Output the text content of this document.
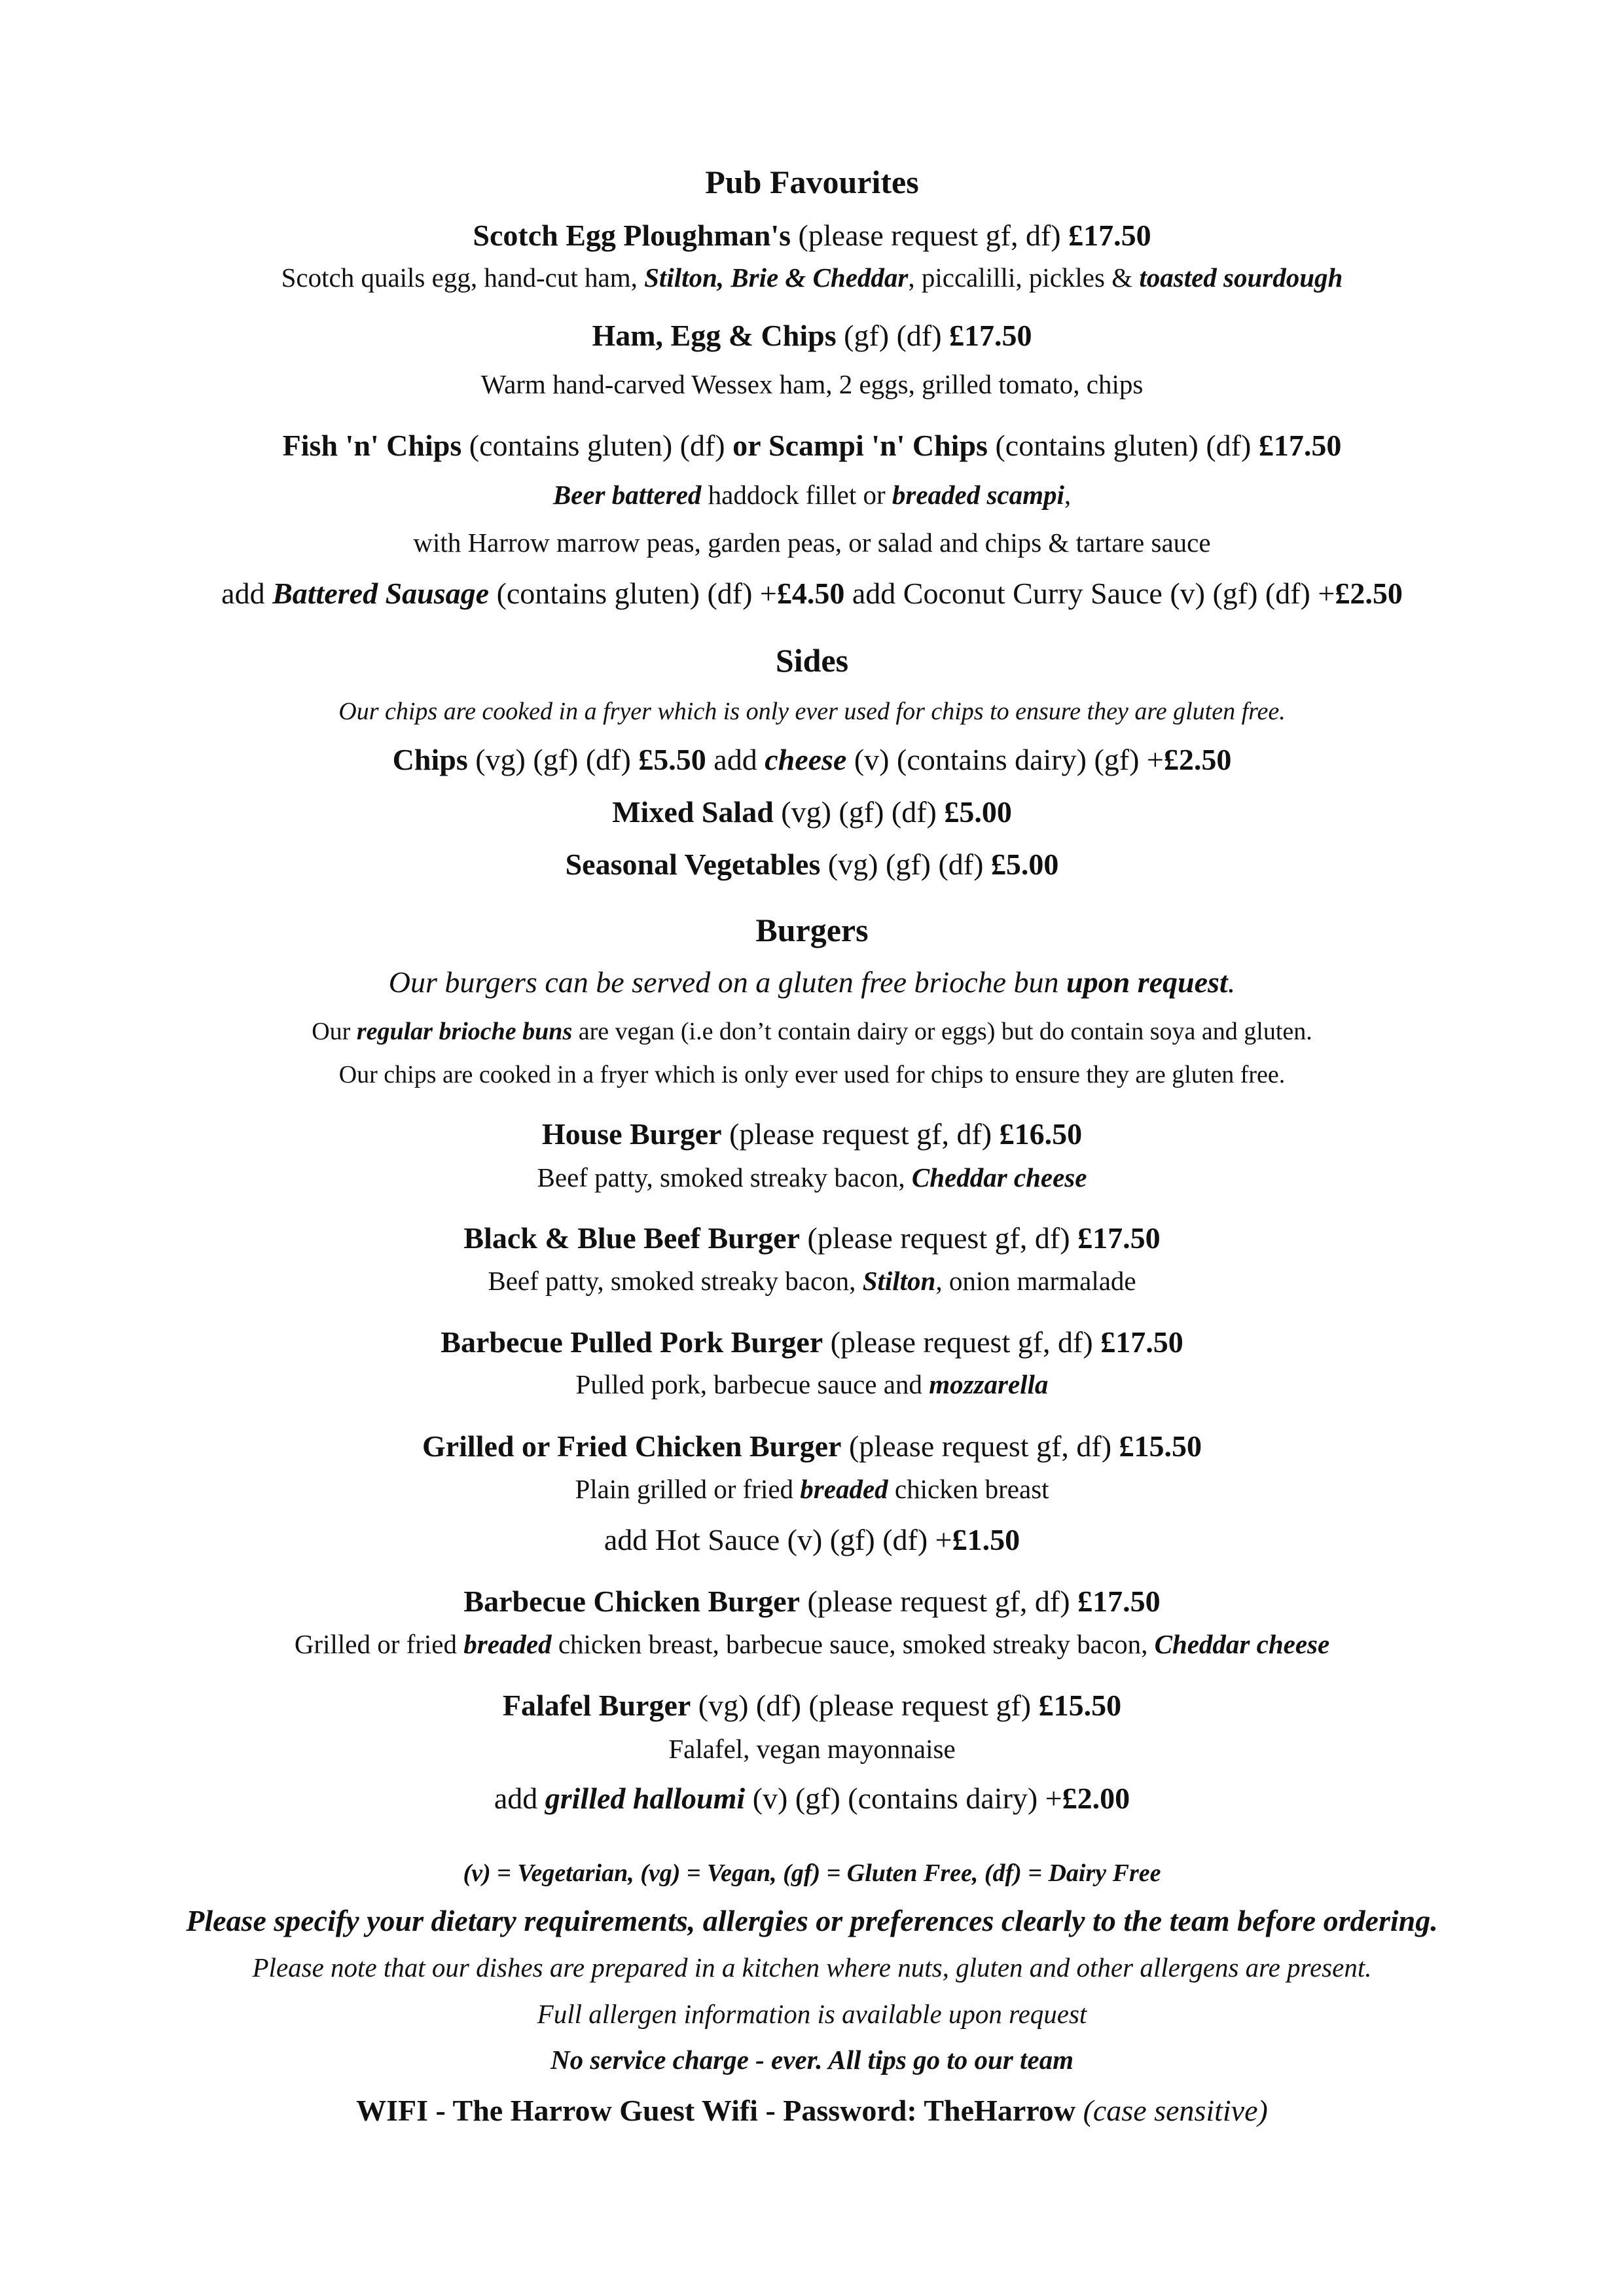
Pub Favourites
Scotch Egg Ploughman's (please request gf, df) £17.50
Scotch quails egg, hand-cut ham, Stilton, Brie & Cheddar, piccalilli, pickles & toasted sourdough
Ham, Egg & Chips (gf) (df) £17.50
Warm hand-carved Wessex ham, 2 eggs, grilled tomato, chips
Fish 'n' Chips (contains gluten) (df) or Scampi 'n' Chips (contains gluten) (df) £17.50
Beer battered haddock fillet or breaded scampi,
with Harrow marrow peas, garden peas, or salad and chips & tartare sauce
add Battered Sausage (contains gluten) (df) +£4.50 add Coconut Curry Sauce (v) (gf) (df) +£2.50
Sides
Our chips are cooked in a fryer which is only ever used for chips to ensure they are gluten free.
Chips (vg) (gf) (df) £5.50 add cheese (v) (contains dairy) (gf) +£2.50
Mixed Salad (vg) (gf) (df) £5.00
Seasonal Vegetables (vg) (gf) (df) £5.00
Burgers
Our burgers can be served on a gluten free brioche bun upon request.
Our regular brioche buns are vegan (i.e don’t contain dairy or eggs) but do contain soya and gluten.
Our chips are cooked in a fryer which is only ever used for chips to ensure they are gluten free.
House Burger (please request gf, df) £16.50
Beef patty, smoked streaky bacon, Cheddar cheese
Black & Blue Beef Burger (please request gf, df) £17.50
Beef patty, smoked streaky bacon, Stilton, onion marmalade
Barbecue Pulled Pork Burger (please request gf, df) £17.50
Pulled pork, barbecue sauce and mozzarella
Grilled or Fried Chicken Burger (please request gf, df) £15.50
Plain grilled or fried breaded chicken breast
add Hot Sauce (v) (gf) (df) +£1.50
Barbecue Chicken Burger (please request gf, df) £17.50
Grilled or fried breaded chicken breast, barbecue sauce, smoked streaky bacon, Cheddar cheese
Falafel Burger (vg) (df) (please request gf) £15.50
Falafel, vegan mayonnaise
add grilled halloumi (v) (gf) (contains dairy) +£2.00
(v) = Vegetarian, (vg) = Vegan, (gf) = Gluten Free, (df) = Dairy Free
Please specify your dietary requirements, allergies or preferences clearly to the team before ordering.
Please note that our dishes are prepared in a kitchen where nuts, gluten and other allergens are present.
Full allergen information is available upon request
No service charge - ever. All tips go to our team
WIFI - The Harrow Guest Wifi - Password: TheHarrow (case sensitive)
